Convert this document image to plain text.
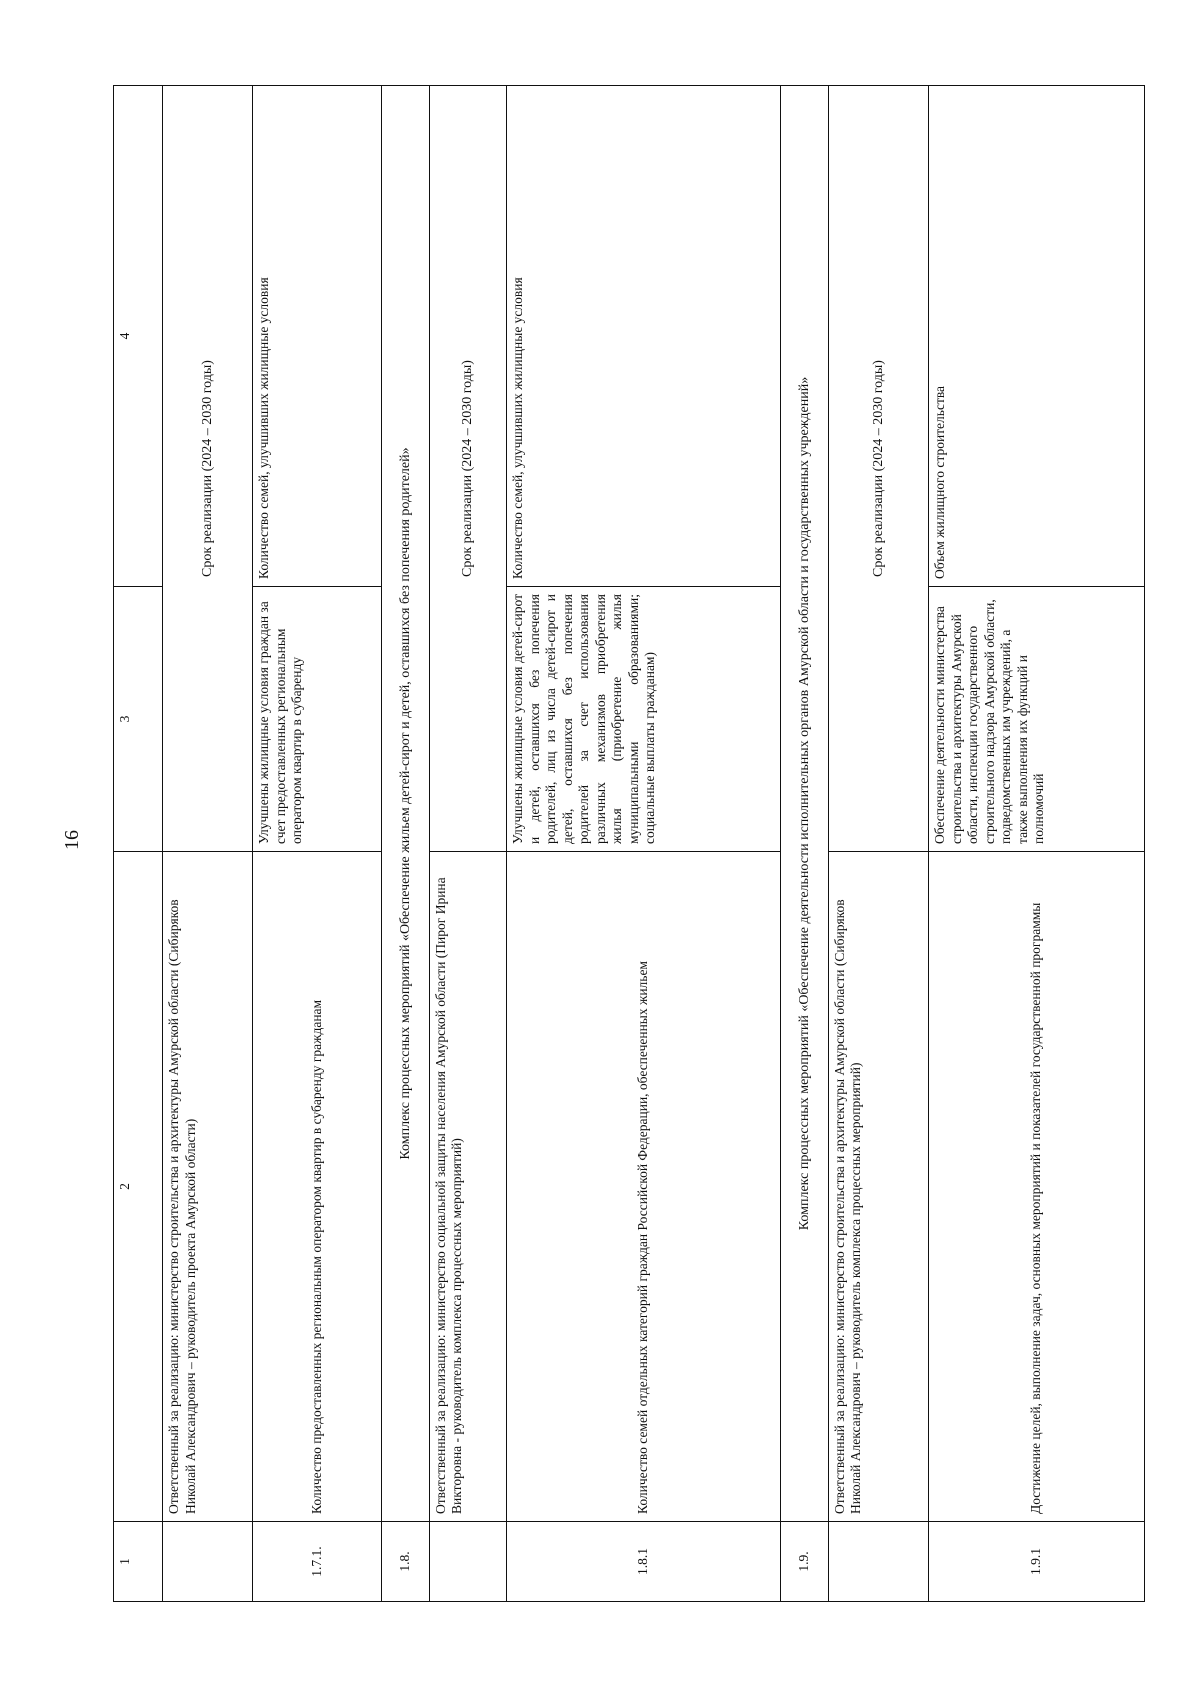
16
1	2	3	4
	Ответственный за реализацию: министерство строительства и архитектуры Амурской области (Сибиряков Николай Александрович – руководитель проекта Амурской области)	Срок реализации (2024 – 2030 годы)	
1.7.1.	Количество предоставленных региональным оператором квартир в субаренду гражданам	Улучшены жилищные условия граждан за счет предоставленных региональным оператором квартир в субаренду	Количество семей, улучшивших жилищные условия
1.8.	Комплекс процессных мероприятий «Обеспечение жильем детей-сирот и детей, оставшихся без попечения родителей»		
	Ответственный за реализацию: министерство социальной защиты населения Амурской области (Пирог Ирина Викторовна - руководитель комплекса процессных мероприятий)	Срок реализации (2024 – 2030 годы)	
1.8.1	Количество семей отдельных категорий граждан Российской Федерации, обеспеченных жильем	Улучшены жилищные условия детей-сирот и детей, оставшихся без попечения родителей, лиц из числа детей-сирот и детей, оставшихся без попечения родителей за счет использования различных механизмов приобретения жилья (приобретение жилья муниципальными образованиями; социальные выплаты гражданам)	Количество семей, улучшивших жилищные условия
1.9.	Комплекс процессных мероприятий «Обеспечение деятельности исполнительных органов Амурской области и государственных учреждений»		
	Ответственный за реализацию: министерство строительства и архитектуры Амурской области (Сибиряков Николай Александрович – руководитель комплекса процессных мероприятий)	Срок реализации (2024 – 2030 годы)	
1.9.1	Достижение целей, выполнение задач, основных мероприятий и показателей государственной программы	Обеспечение деятельности министерства строительства и архитектуры Амурской области, инспекции государственного строительного надзора Амурской области, подведомственных им учреждений, а также выполнения их функций и полномочий	Объем жилищного строительства
